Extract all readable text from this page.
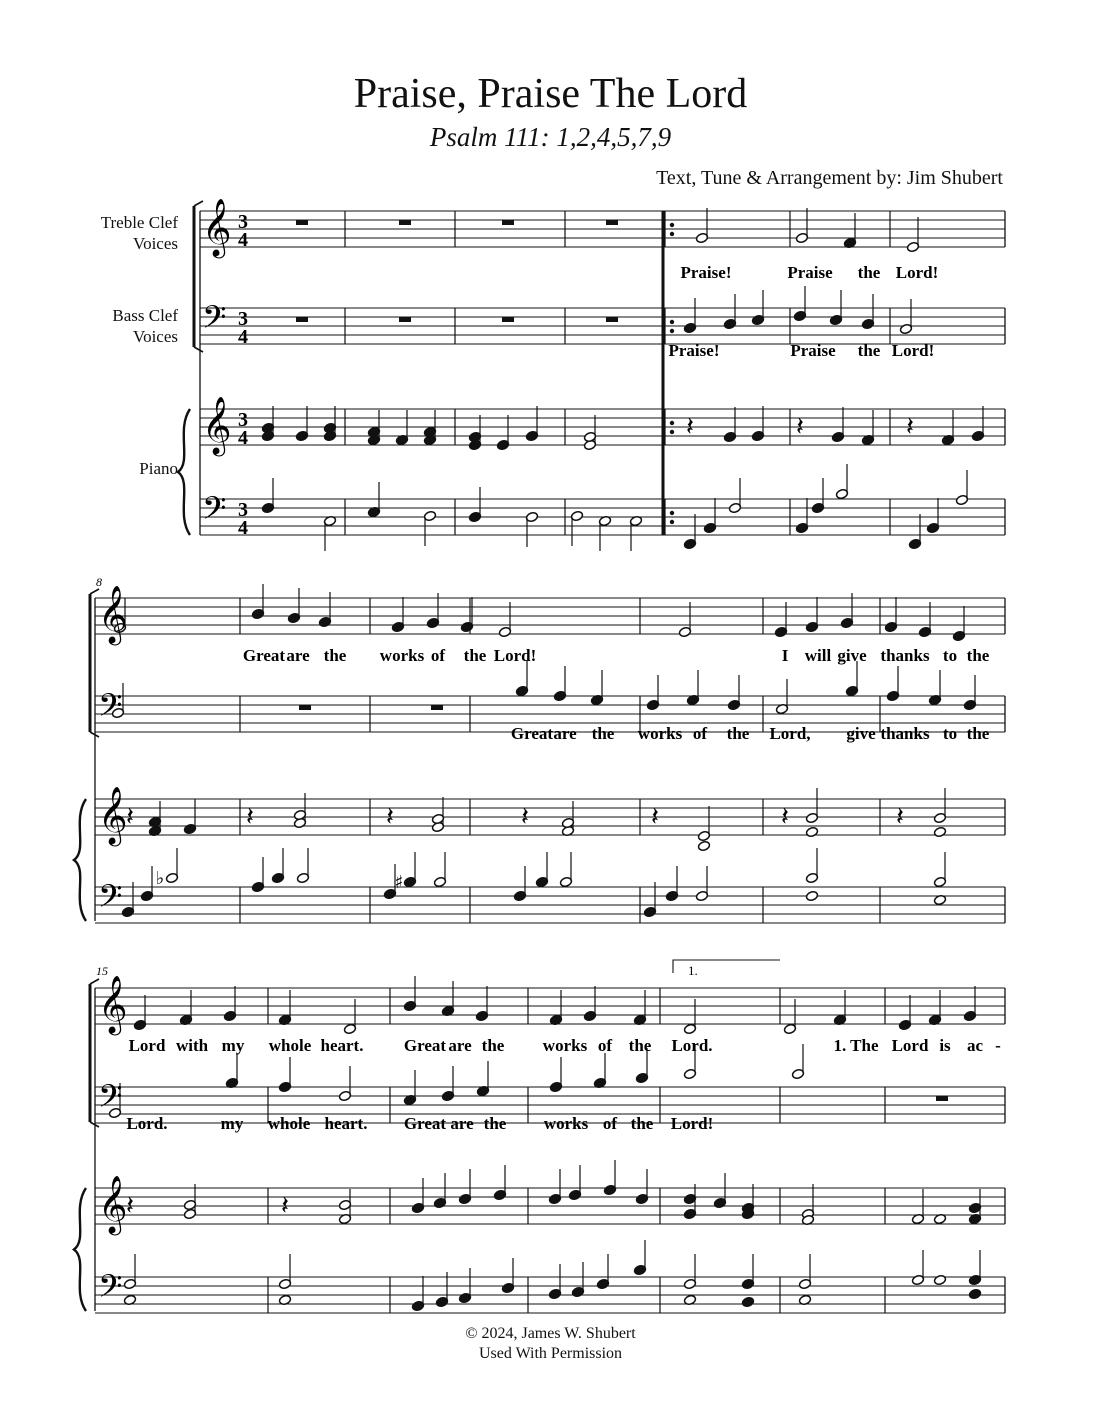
Praise, Praise The Lord
Psalm 111: 1,2,4,5,7,9
Text, Tune & Arrangement by: Jim Shubert
Treble Clef
Voices
Bass Clef
Voices
Piano
𝄞
𝄢
𝄞
𝄢
3
4
3
4
3
4
3
4
𝄽	𝄽	𝄽
𝄞
𝄢
𝄞
𝄢
8
𝄽	𝄽	𝄽	𝄽	𝄽	𝄽	𝄽
♯
♭
𝄞
𝄢
𝄞
𝄢
15	1.
𝄽	𝄽
Praise!	Praise the Lord!
Praise!	Praise the Lord!
Great are the works of the Lord!	I will give thanks to the
Great are the works of the Lord, give thanks to the
Lord with my whole heart. Great are the works of the Lord.	1. The Lord is ac -
Lord.	my whole heart. Great are the works of the Lord!
© 2024, James W. Shubert
Used With Permission
